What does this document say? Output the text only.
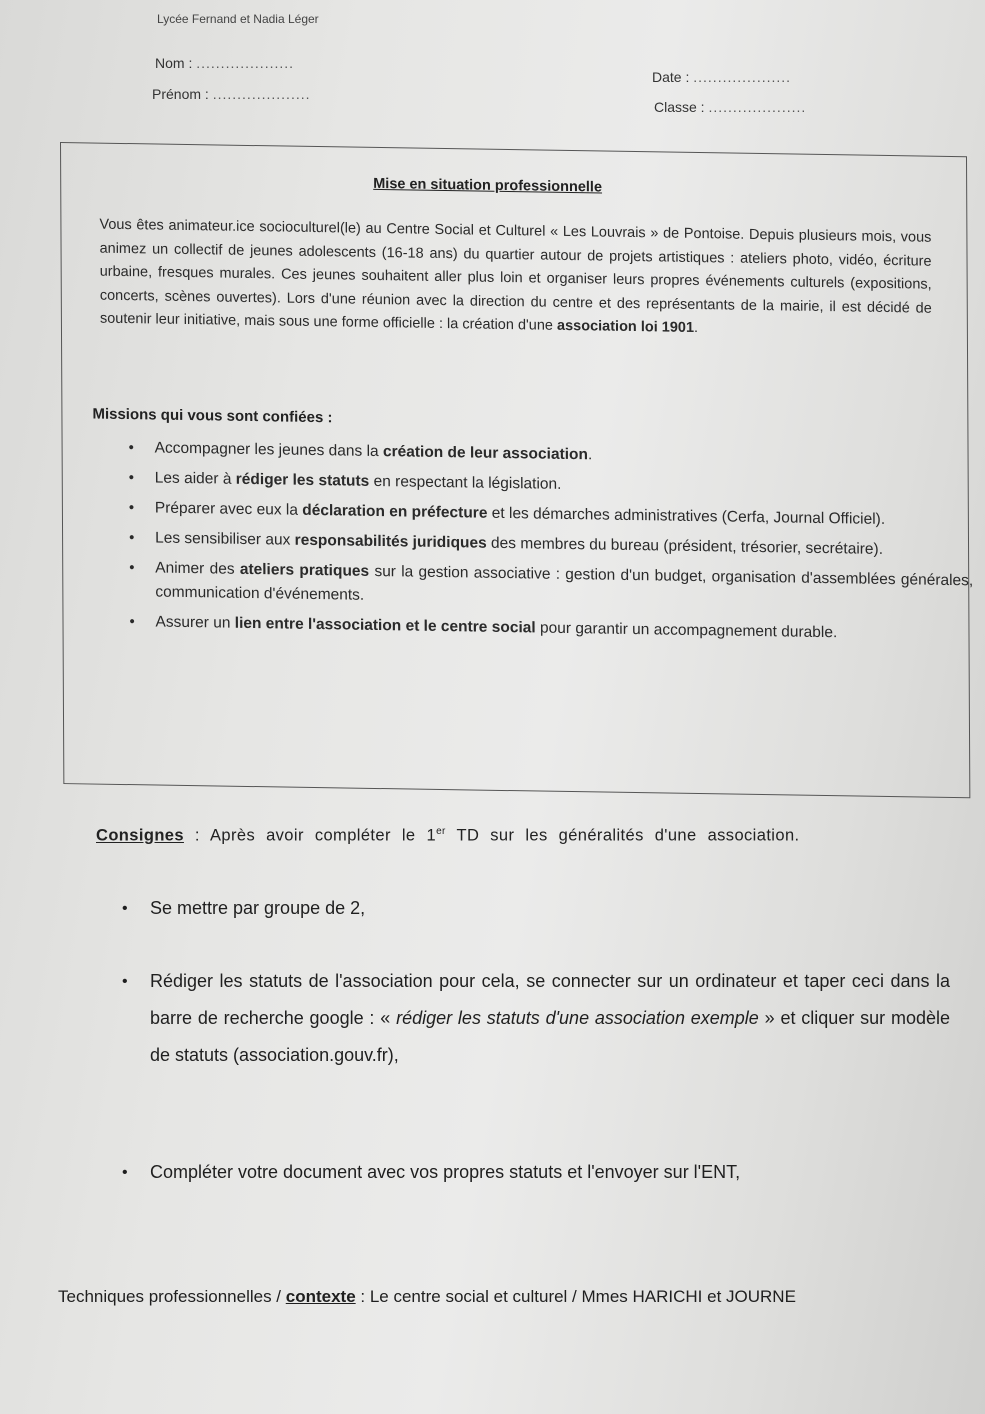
Lycée Fernand et Nadia Léger
Nom : ....................
Prénom : ....................
Date : ....................
Classe : ....................
Mise en situation professionnelle
Vous êtes animateur.ice socioculturel(le) au Centre Social et Culturel « Les Louvrais » de Pontoise. Depuis plusieurs mois, vous animez un collectif de jeunes adolescents (16-18 ans) du quartier autour de projets artistiques : ateliers photo, vidéo, écriture urbaine, fresques murales. Ces jeunes souhaitent aller plus loin et organiser leurs propres événements culturels (expositions, concerts, scènes ouvertes). Lors d'une réunion avec la direction du centre et des représentants de la mairie, il est décidé de soutenir leur initiative, mais sous une forme officielle : la création d'une association loi 1901.
Missions qui vous sont confiées :
• Accompagner les jeunes dans la création de leur association.
• Les aider à rédiger les statuts en respectant la législation.
• Préparer avec eux la déclaration en préfecture et les démarches administratives (Cerfa, Journal Officiel).
• Les sensibiliser aux responsabilités juridiques des membres du bureau (président, trésorier, secrétaire).
• Animer des ateliers pratiques sur la gestion associative : gestion d'un budget, organisation d'assemblées générales, communication d'événements.
• Assurer un lien entre l'association et le centre social pour garantir un accompagnement durable.
Consignes : Après avoir compléter le 1er TD sur les généralités d'une association.
• Se mettre par groupe de 2,
• Rédiger les statuts de l'association pour cela, se connecter sur un ordinateur et taper ceci dans la barre de recherche google : « rédiger les statuts d'une association exemple » et cliquer sur modèle de statuts (association.gouv.fr),
• Compléter votre document avec vos propres statuts et l'envoyer sur l'ENT,
Techniques professionnelles / contexte : Le centre social et culturel / Mmes HARICHI et JOURNE
